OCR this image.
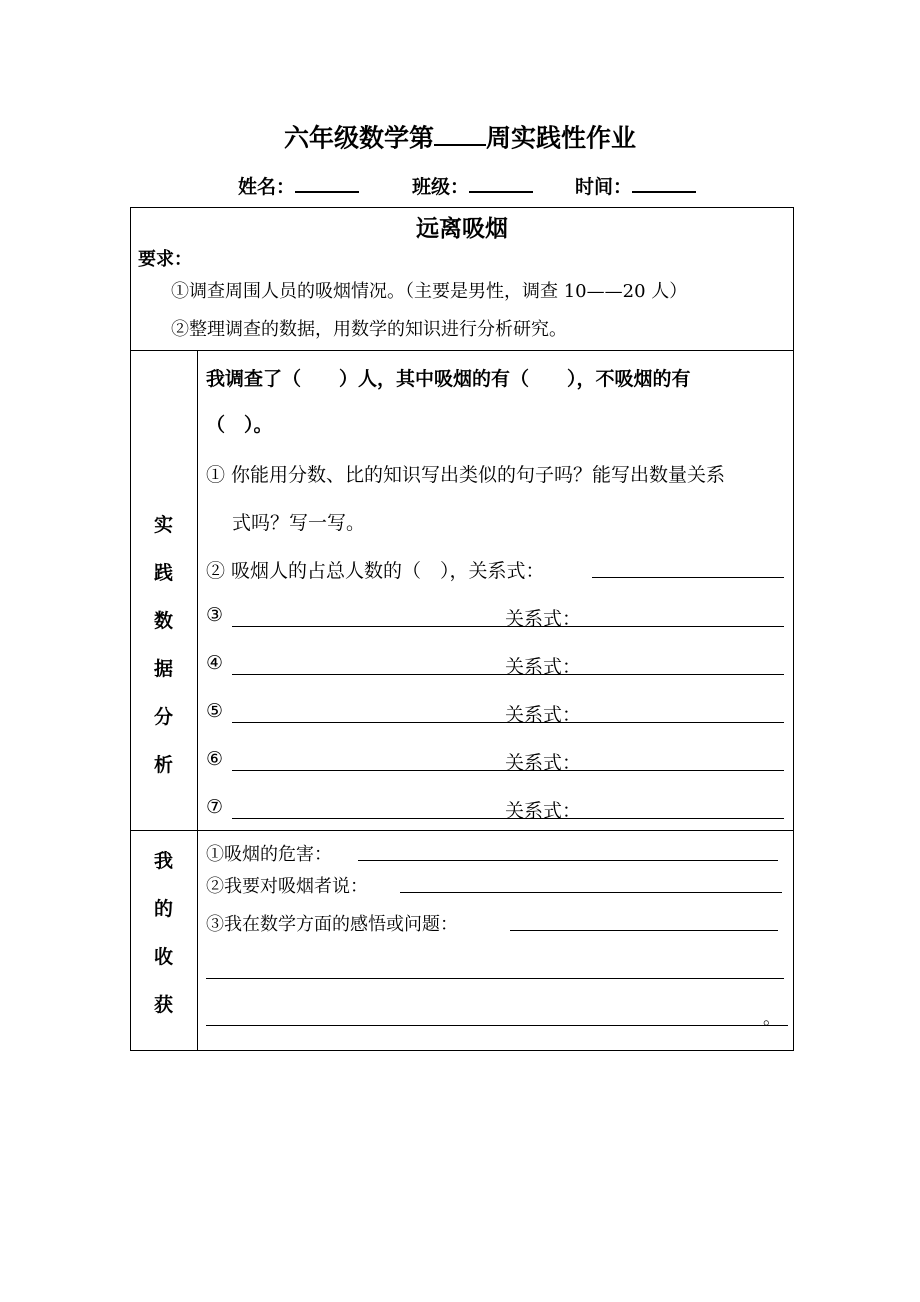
六年级数学第 周实践性作业
姓名：	班级：	时间：
远离吸烟
要求：
①调查周围人员的吸烟情况。（主要是男性，调查 10——20 人）
②整理调查的数据，用数学的知识进行分析研究。
实
践
数
据
分
析
我调查了（　　）人，其中吸烟的有（　　），不吸烟的有
（　）。
① 你能用分数、比的知识写出类似的句子吗？能写出数量关系
式吗？写一写。
② 吸烟人的占总人数的（　），关系式：
③	关系式：
④	关系式：
⑤	关系式：
⑥	关系式：
⑦	关系式：
我
的
收
获
①吸烟的危害：
②我要对吸烟者说：
③我在数学方面的感悟或问题：
。
